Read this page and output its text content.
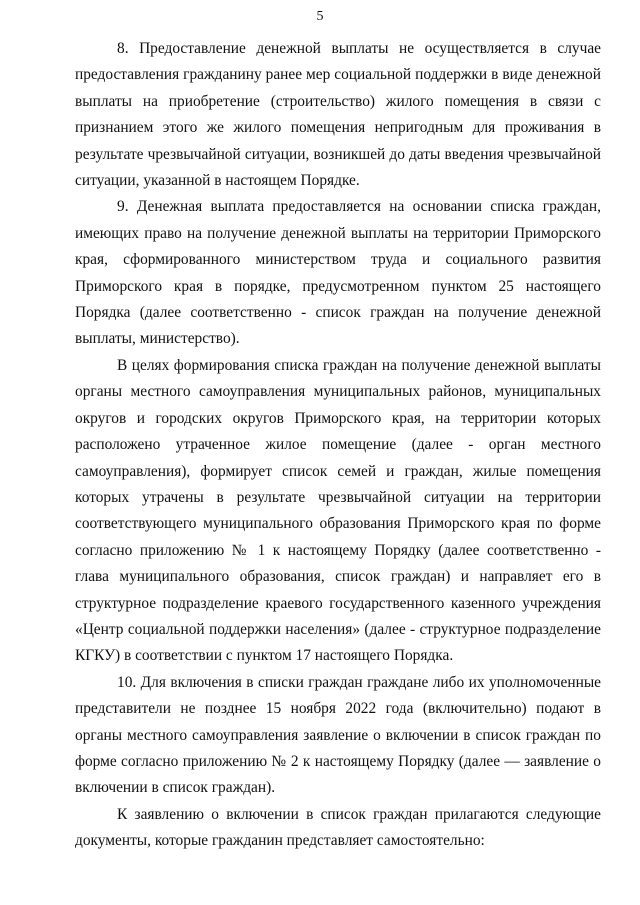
5

8. Предоставление денежной выплаты не осуществляется в случае предоставления гражданину ранее мер социальной поддержки в виде денежной выплаты на приобретение (строительство) жилого помещения в связи с признанием этого же жилого помещения непригодным для проживания в результате чрезвычайной ситуации, возникшей до даты введения чрезвычайной ситуации, указанной в настоящем Порядке.

9. Денежная выплата предоставляется на основании списка граждан, имеющих право на получение денежной выплаты на территории Приморского края, сформированного министерством труда и социального развития Приморского края в порядке, предусмотренном пунктом 25 настоящего Порядка (далее соответственно - список граждан на получение денежной выплаты, министерство).

В целях формирования списка граждан на получение денежной выплаты органы местного самоуправления муниципальных районов, муниципальных округов и городских округов Приморского края, на территории которых расположено утраченное жилое помещение (далее - орган местного самоуправления), формирует список семей и граждан, жилые помещения которых утрачены в результате чрезвычайной ситуации на территории соответствующего муниципального образования Приморского края по форме согласно приложению № 1 к настоящему Порядку (далее соответственно - глава муниципального образования, список граждан) и направляет его в структурное подразделение краевого государственного казенного учреждения «Центр социальной поддержки населения» (далее - структурное подразделение КГКУ) в соответствии с пунктом 17 настоящего Порядка.

10. Для включения в списки граждан граждане либо их уполномоченные представители не позднее 15 ноября 2022 года (включительно) подают в органы местного самоуправления заявление о включении в список граждан по форме согласно приложению № 2 к настоящему Порядку (далее — заявление о включении в список граждан).

К заявлению о включении в список граждан прилагаются следующие документы, которые гражданин представляет самостоятельно:
